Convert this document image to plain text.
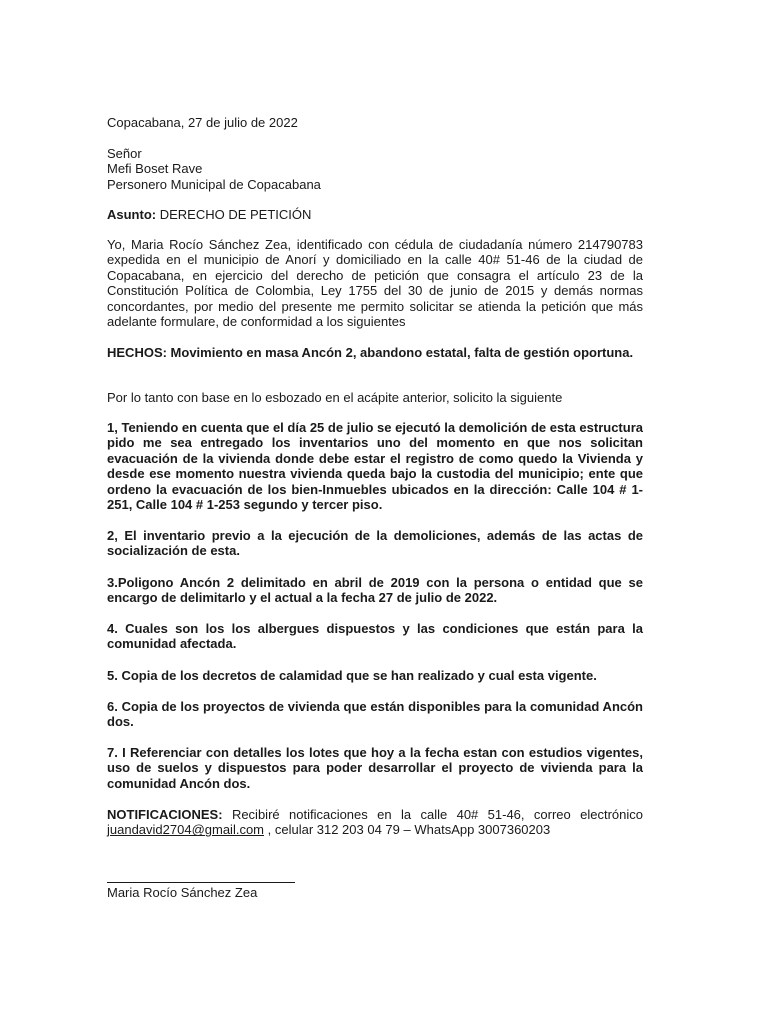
Copacabana, 27 de julio de 2022
Señor
Mefi Boset Rave
Personero Municipal de Copacabana
Asunto: DERECHO DE PETICIÓN
Yo, Maria Rocío Sánchez Zea, identificado con cédula de ciudadanía número 214790783 expedida en el municipio de Anorí y domiciliado en la calle 40# 51-46 de la ciudad de Copacabana, en ejercicio del derecho de petición que consagra el artículo 23 de la Constitución Política de Colombia, Ley 1755 del 30 de junio de 2015 y demás normas concordantes, por medio del presente me permito solicitar se atienda la petición que más adelante formulare, de conformidad a los siguientes
HECHOS: Movimiento en masa Ancón 2, abandono estatal, falta de gestión oportuna.
Por lo tanto con base en lo esbozado en el acápite anterior, solicito la siguiente
1, Teniendo en cuenta que el día 25 de julio se ejecutó la demolición de esta estructura pido me sea entregado los inventarios uno del momento en que nos solicitan evacuación de la vivienda donde debe estar el registro de como quedo la Vivienda y desde ese momento nuestra vivienda queda bajo la custodia del municipio; ente que ordeno la evacuación de los bien-Inmuebles ubicados en la dirección: Calle 104 # 1-251, Calle 104 # 1-253 segundo y tercer piso.
2, El inventario previo a la ejecución de la demoliciones, además de las actas de socialización de esta.
3.Poligono Ancón 2 delimitado en abril de 2019 con la persona o entidad que se encargo de delimitarlo y el actual a la fecha 27 de julio de 2022.
4. Cuales son los los albergues dispuestos y las condiciones que están para la comunidad afectada.
5. Copia de los decretos de calamidad que se han realizado y cual esta vigente.
6. Copia de los proyectos de vivienda que están disponibles para la comunidad Ancón dos.
7. I Referenciar con detalles los lotes que hoy a la fecha estan con estudios vigentes, uso de suelos y dispuestos para poder desarrollar el proyecto de vivienda para la comunidad Ancón dos.
NOTIFICACIONES: Recibiré notificaciones en la calle 40# 51-46, correo electrónico juandavid2704@gmail.com , celular 312 203 04 79 – WhatsApp 3007360203
Maria Rocío Sánchez Zea
